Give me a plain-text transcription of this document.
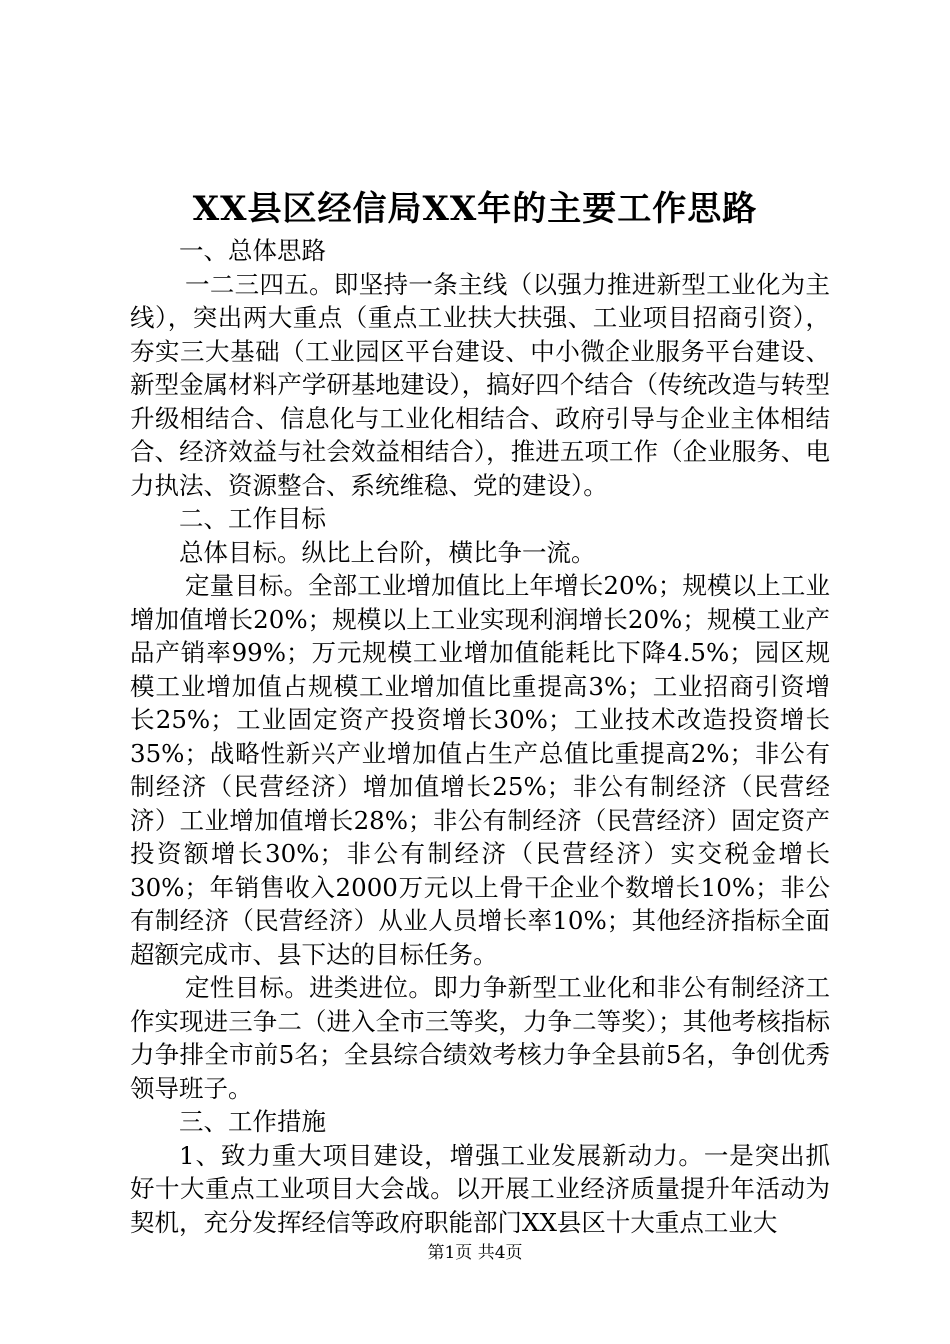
XX县区经信局XX年的主要工作思路

一、总体思路

一二三四五。即坚持一条主线（以强力推进新型工业化为主线），突出两大重点（重点工业扶大扶强、工业项目招商引资），夯实三大基础（工业园区平台建设、中小微企业服务平台建设、新型金属材料产学研基地建设），搞好四个结合（传统改造与转型升级相结合、信息化与工业化相结合、政府引导与企业主体相结合、经济效益与社会效益相结合），推进五项工作（企业服务、电力执法、资源整合、系统维稳、党的建设）。

二、工作目标

总体目标。纵比上台阶，横比争一流。

定量目标。全部工业增加值比上年增长20%；规模以上工业增加值增长20%；规模以上工业实现利润增长20%；规模工业产品产销率99%；万元规模工业增加值能耗比下降4.5%；园区规模工业增加值占规模工业增加值比重提高3%；工业招商引资增长25%；工业固定资产投资增长30%；工业技术改造投资增长35%；战略性新兴产业增加值占生产总值比重提高2%；非公有制经济（民营经济）增加值增长25%；非公有制经济（民营经济）工业增加值增长28%；非公有制经济（民营经济）固定资产投资额增长30%；非公有制经济（民营经济）实交税金增长30%；年销售收入2000万元以上骨干企业个数增长10%；非公有制经济（民营经济）从业人员增长率10%；其他经济指标全面超额完成市、县下达的目标任务。

定性目标。进类进位。即力争新型工业化和非公有制经济工作实现进三争二（进入全市三等奖，力争二等奖）；其他考核指标力争排全市前5名；全县综合绩效考核力争全县前5名，争创优秀领导班子。

三、工作措施

1、致力重大项目建设，增强工业发展新动力。一是突出抓好十大重点工业项目大会战。以开展工业经济质量提升年活动为契机，充分发挥经信等政府职能部门XX县区十大重点工业大

第1页 共4页
